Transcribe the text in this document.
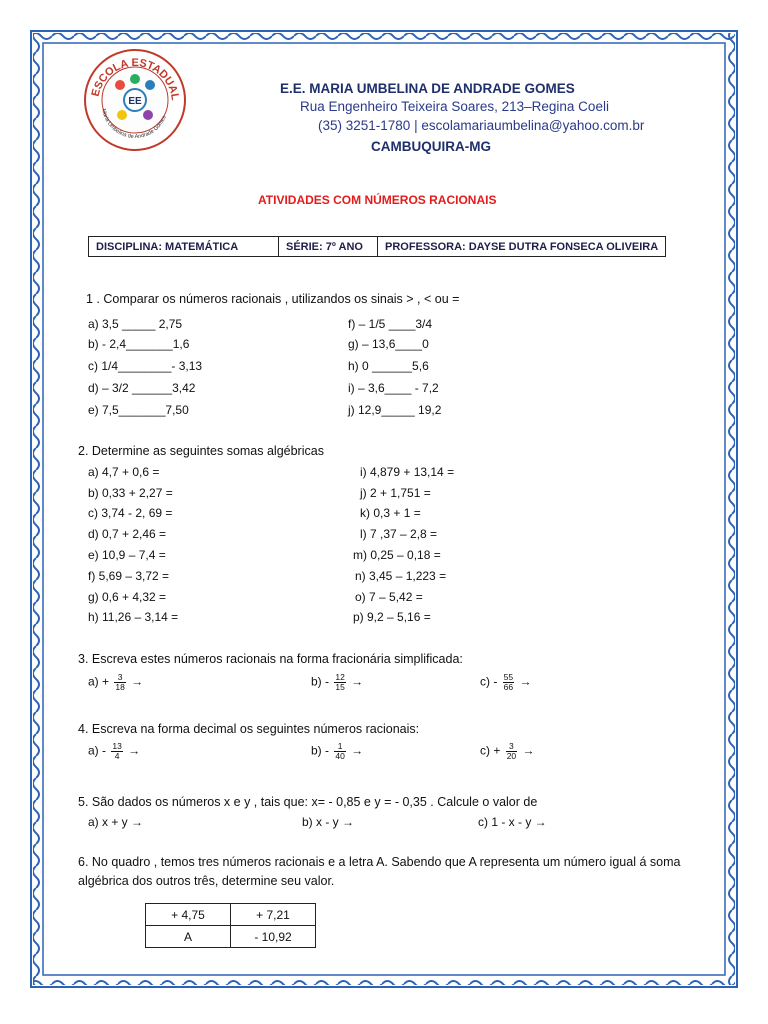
ESCOLA ESTADUAL
Maria Umbelina de Andrade Gomes
EE
E.E. MARIA UMBELINA DE ANDRADE GOMES
Rua Engenheiro Teixeira Soares, 213–Regina Coeli
(35) 3251-1780 | escolamariaumbelina@yahoo.com.br
CAMBUQUIRA-MG
ATIVIDADES COM NÚMEROS RACIONAIS
DISCIPLINA: MATEMÁTICA	SÉRIE: 7º ANO	PROFESSORA: DAYSE DUTRA FONSECA OLIVEIRA
1 . Comparar os números racionais , utilizandos os sinais > , < ou =
a) 3,5 _____ 2,75
b) - 2,4_______1,6
c) 1/4________- 3,13
d) – 3/2 ______3,42
e) 7,5_______7,50
f) – 1/5 ____3/4
g) – 13,6____0
h) 0 ______5,6
i) – 3,6____ - 7,2
j) 12,9_____ 19,2
2. Determine as seguintes somas algébricas
a) 4,7 + 0,6 =
b) 0,33 + 2,27 =
c) 3,74 - 2, 69 =
d) 0,7 + 2,46 =
e) 10,9 – 7,4 =
f) 5,69 – 3,72 =
g) 0,6 + 4,32 =
h) 11,26 – 3,14 =
i) 4,879 + 13,14 =
j) 2 + 1,751 =
k) 0,3 + 1 =
l) 7 ,37 – 2,8 =
m) 0,25 – 0,18 =
n) 3,45 – 1,223 =
o) 7 – 5,42 =
p) 9,2 – 5,16 =
3. Escreva estes números racionais na forma fracionária simplificada:
$a) + \frac{3}{18}$ →	$b) - \frac{12}{15}$ →	$c) - \frac{55}{66}$ →
4. Escreva na forma decimal os seguintes números racionais:
$a) - \frac{13}{4}$ →	$b) - \frac{1}{40}$ →	$c) + \frac{3}{20}$ →
5. São dados os números x e y , tais que: x= - 0,85 e y = - 0,35 . Calcule o valor de
a) x + y →	b) x - y →	c) 1 - x - y →
6. No quadro , temos tres números racionais e a letra A. Sabendo que A representa um número igual á soma
algébrica dos outros três, determine seu valor.
+ 4,75	+ 7,21
A	- 10,92
